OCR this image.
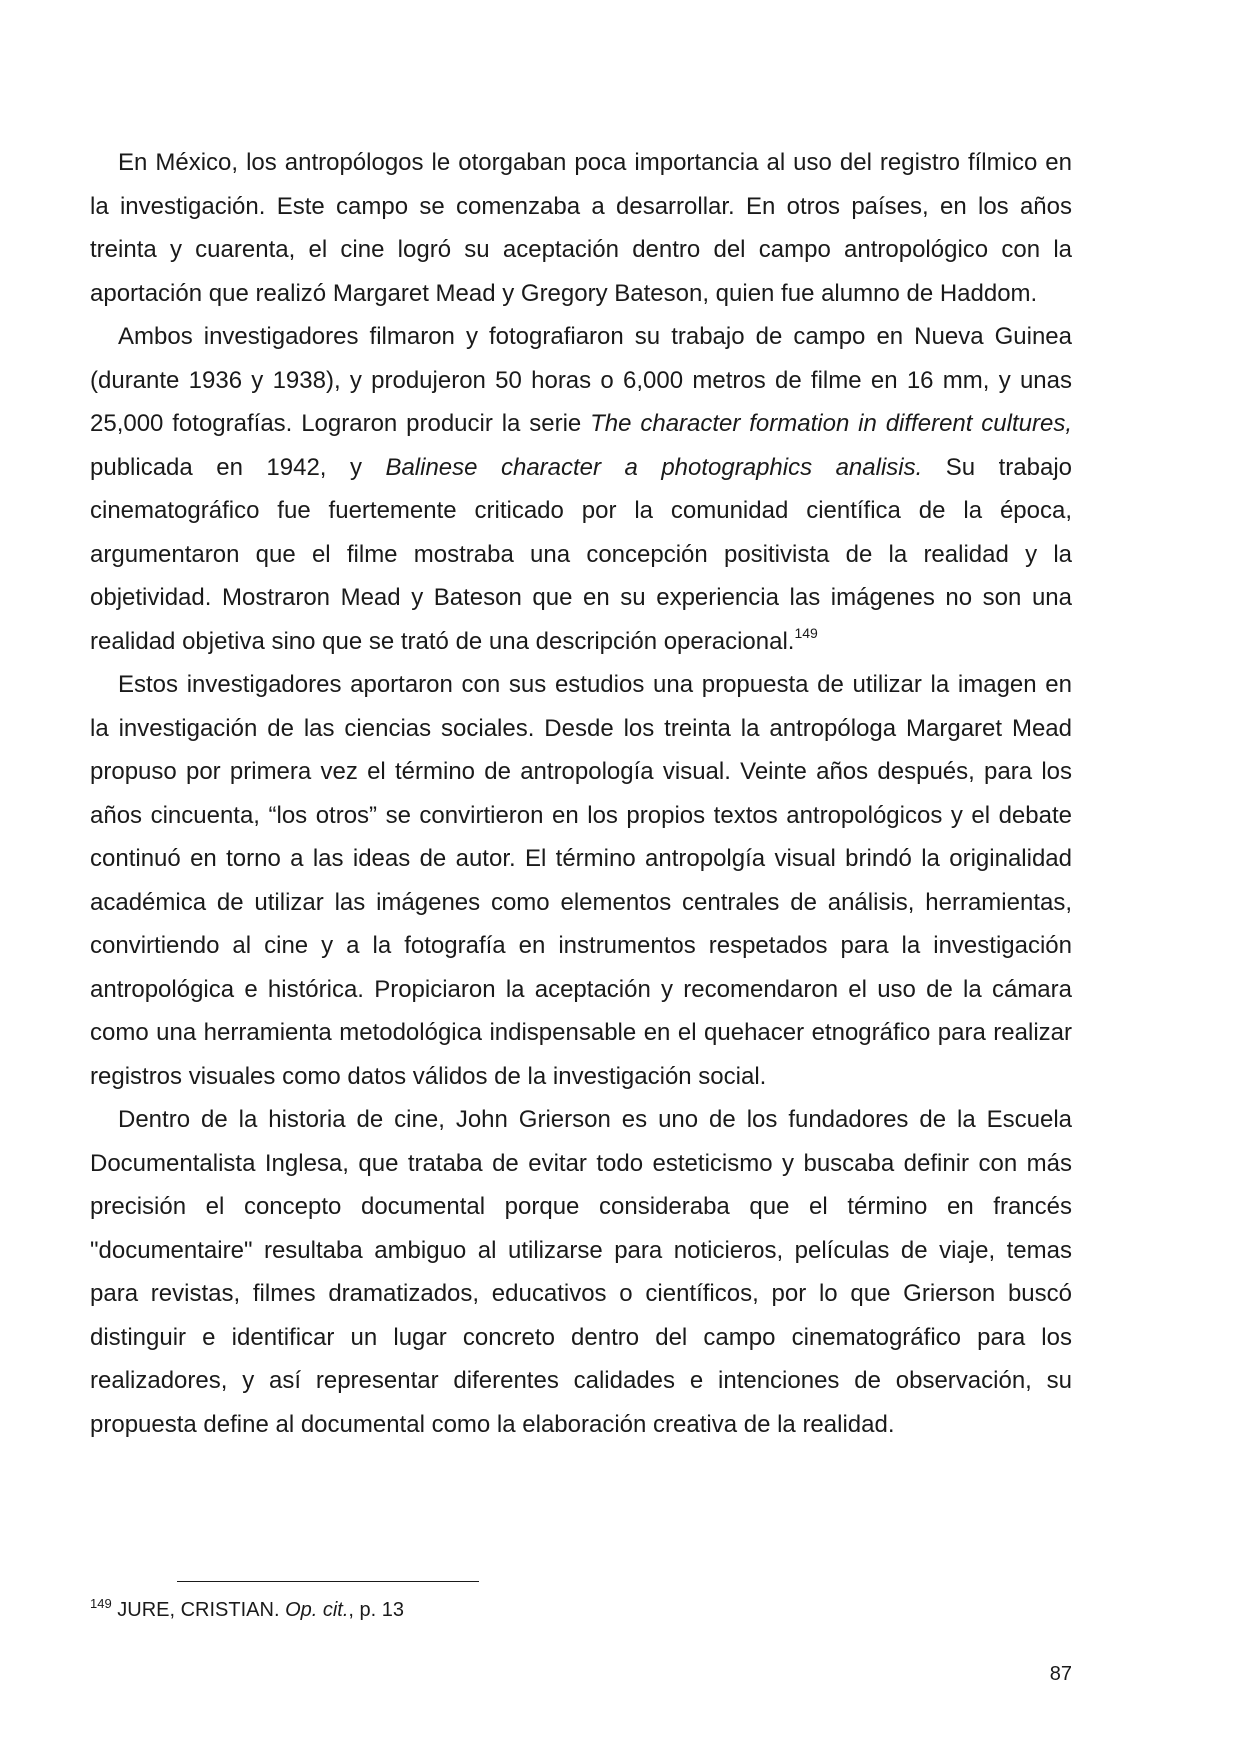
En México, los antropólogos le otorgaban poca importancia al uso del registro fílmico en la investigación. Este campo se comenzaba a desarrollar. En otros países, en los años treinta y cuarenta, el cine logró su aceptación dentro del campo antropológico con la aportación que realizó Margaret Mead y Gregory Bateson, quien fue alumno de Haddom.

Ambos investigadores filmaron y fotografiaron su trabajo de campo en Nueva Guinea (durante 1936 y 1938), y produjeron 50 horas o 6,000 metros de filme en 16 mm, y unas 25,000 fotografías. Lograron producir la serie The character formation in different cultures, publicada en 1942, y Balinese character a photographics analisis. Su trabajo cinematográfico fue fuertemente criticado por la comunidad científica de la época, argumentaron que el filme mostraba una concepción positivista de la realidad y la objetividad. Mostraron Mead y Bateson que en su experiencia las imágenes no son una realidad objetiva sino que se trató de una descripción operacional.$^{149}$

Estos investigadores aportaron con sus estudios una propuesta de utilizar la imagen en la investigación de las ciencias sociales. Desde los treinta la antropóloga Margaret Mead propuso por primera vez el término de antropología visual. Veinte años después, para los años cincuenta, “los otros” se convirtieron en los propios textos antropológicos y el debate continuó en torno a las ideas de autor. El término antropolgía visual brindó la originalidad académica de utilizar las imágenes como elementos centrales de análisis, herramientas, convirtiendo al cine y a la fotografía en instrumentos respetados para la investigación antropológica e histórica. Propiciaron la aceptación y recomendaron el uso de la cámara como una herramienta metodológica indispensable en el quehacer etnográfico para realizar registros visuales como datos válidos de la investigación social.

Dentro de la historia de cine, John Grierson es uno de los fundadores de la Escuela Documentalista Inglesa, que trataba de evitar todo esteticismo y buscaba definir con más precisión el concepto documental porque consideraba que el término en francés "documentaire" resultaba ambiguo al utilizarse para noticieros, películas de viaje, temas para revistas, filmes dramatizados, educativos o científicos, por lo que Grierson buscó distinguir e identificar un lugar concreto dentro del campo cinematográfico para los realizadores, y así representar diferentes calidades e intenciones de observación, su propuesta define al documental como la elaboración creativa de la realidad.

$^{149}$ JURE, CRISTIAN. Op. cit., p. 13
87
